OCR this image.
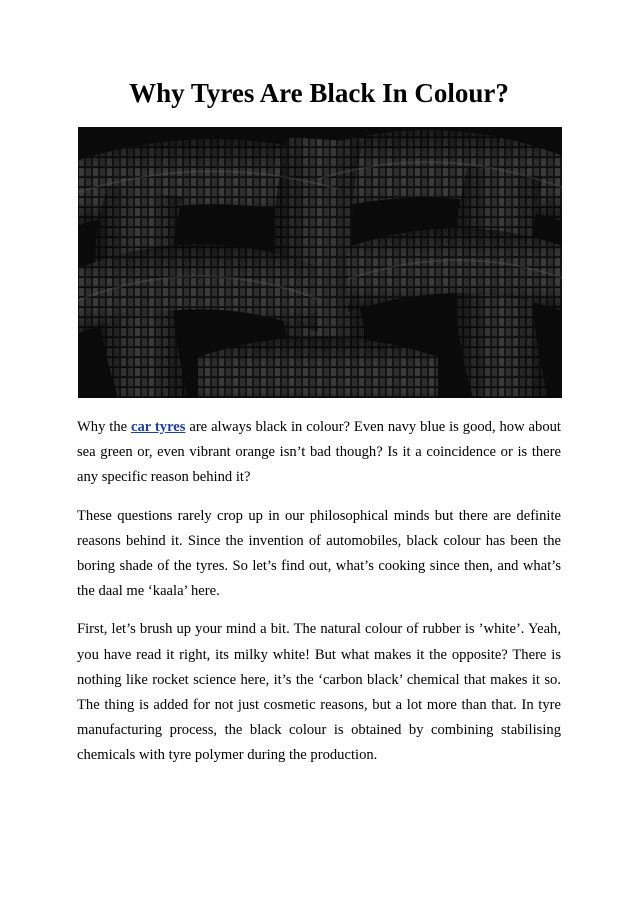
Why Tyres Are Black In Colour?

Why the car tyres are always black in colour? Even navy blue is good, how about sea green or, even vibrant orange isn’t bad though? Is it a coincidence or is there any specific reason behind it?

These questions rarely crop up in our philosophical minds but there are definite reasons behind it. Since the invention of automobiles, black colour has been the boring shade of the tyres. So let’s find out, what’s cooking since then, and what’s the daal me ‘kaala’ here.

First, let’s brush up your mind a bit. The natural colour of rubber is ’white’. Yeah, you have read it right, its milky white! But what makes it the opposite? There is nothing like rocket science here, it’s the ‘carbon black’ chemical that makes it so. The thing is added for not just cosmetic reasons, but a lot more than that. In tyre manufacturing process, the black colour is obtained by combining stabilising chemicals with tyre polymer during the production.
